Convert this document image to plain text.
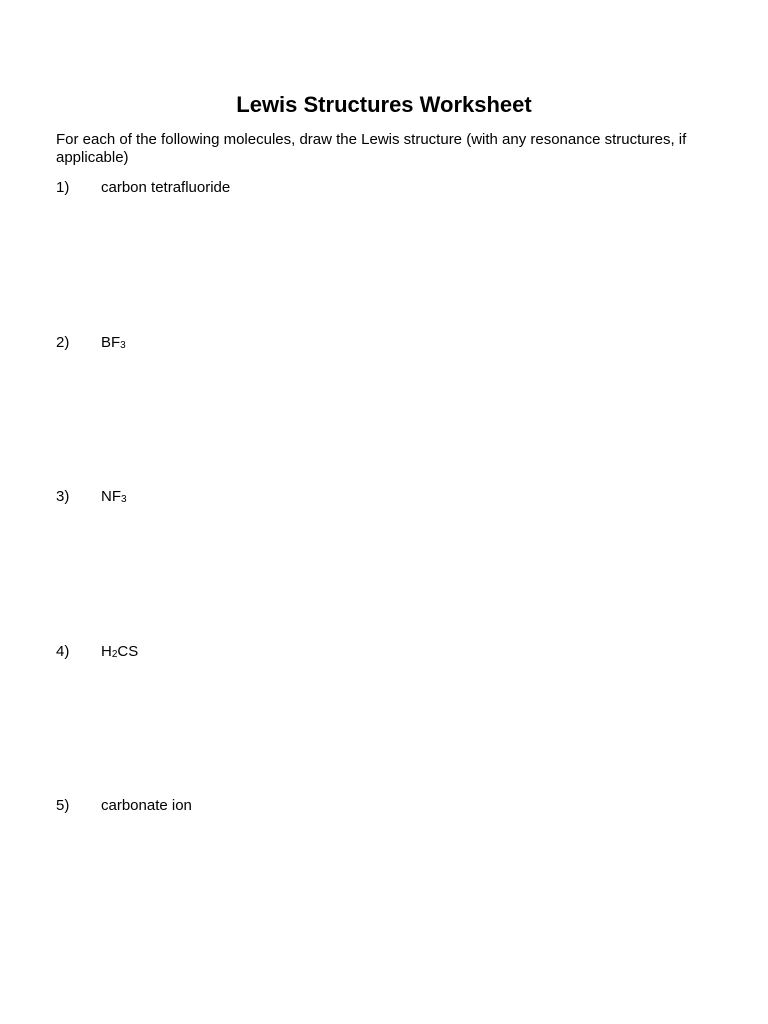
Lewis Structures Worksheet
For each of the following molecules, draw the Lewis structure (with any resonance structures, if applicable)
1) carbon tetrafluoride
2) $BF_3$
3) $NF_3$
4) $H_2CS$
5) carbonate ion
